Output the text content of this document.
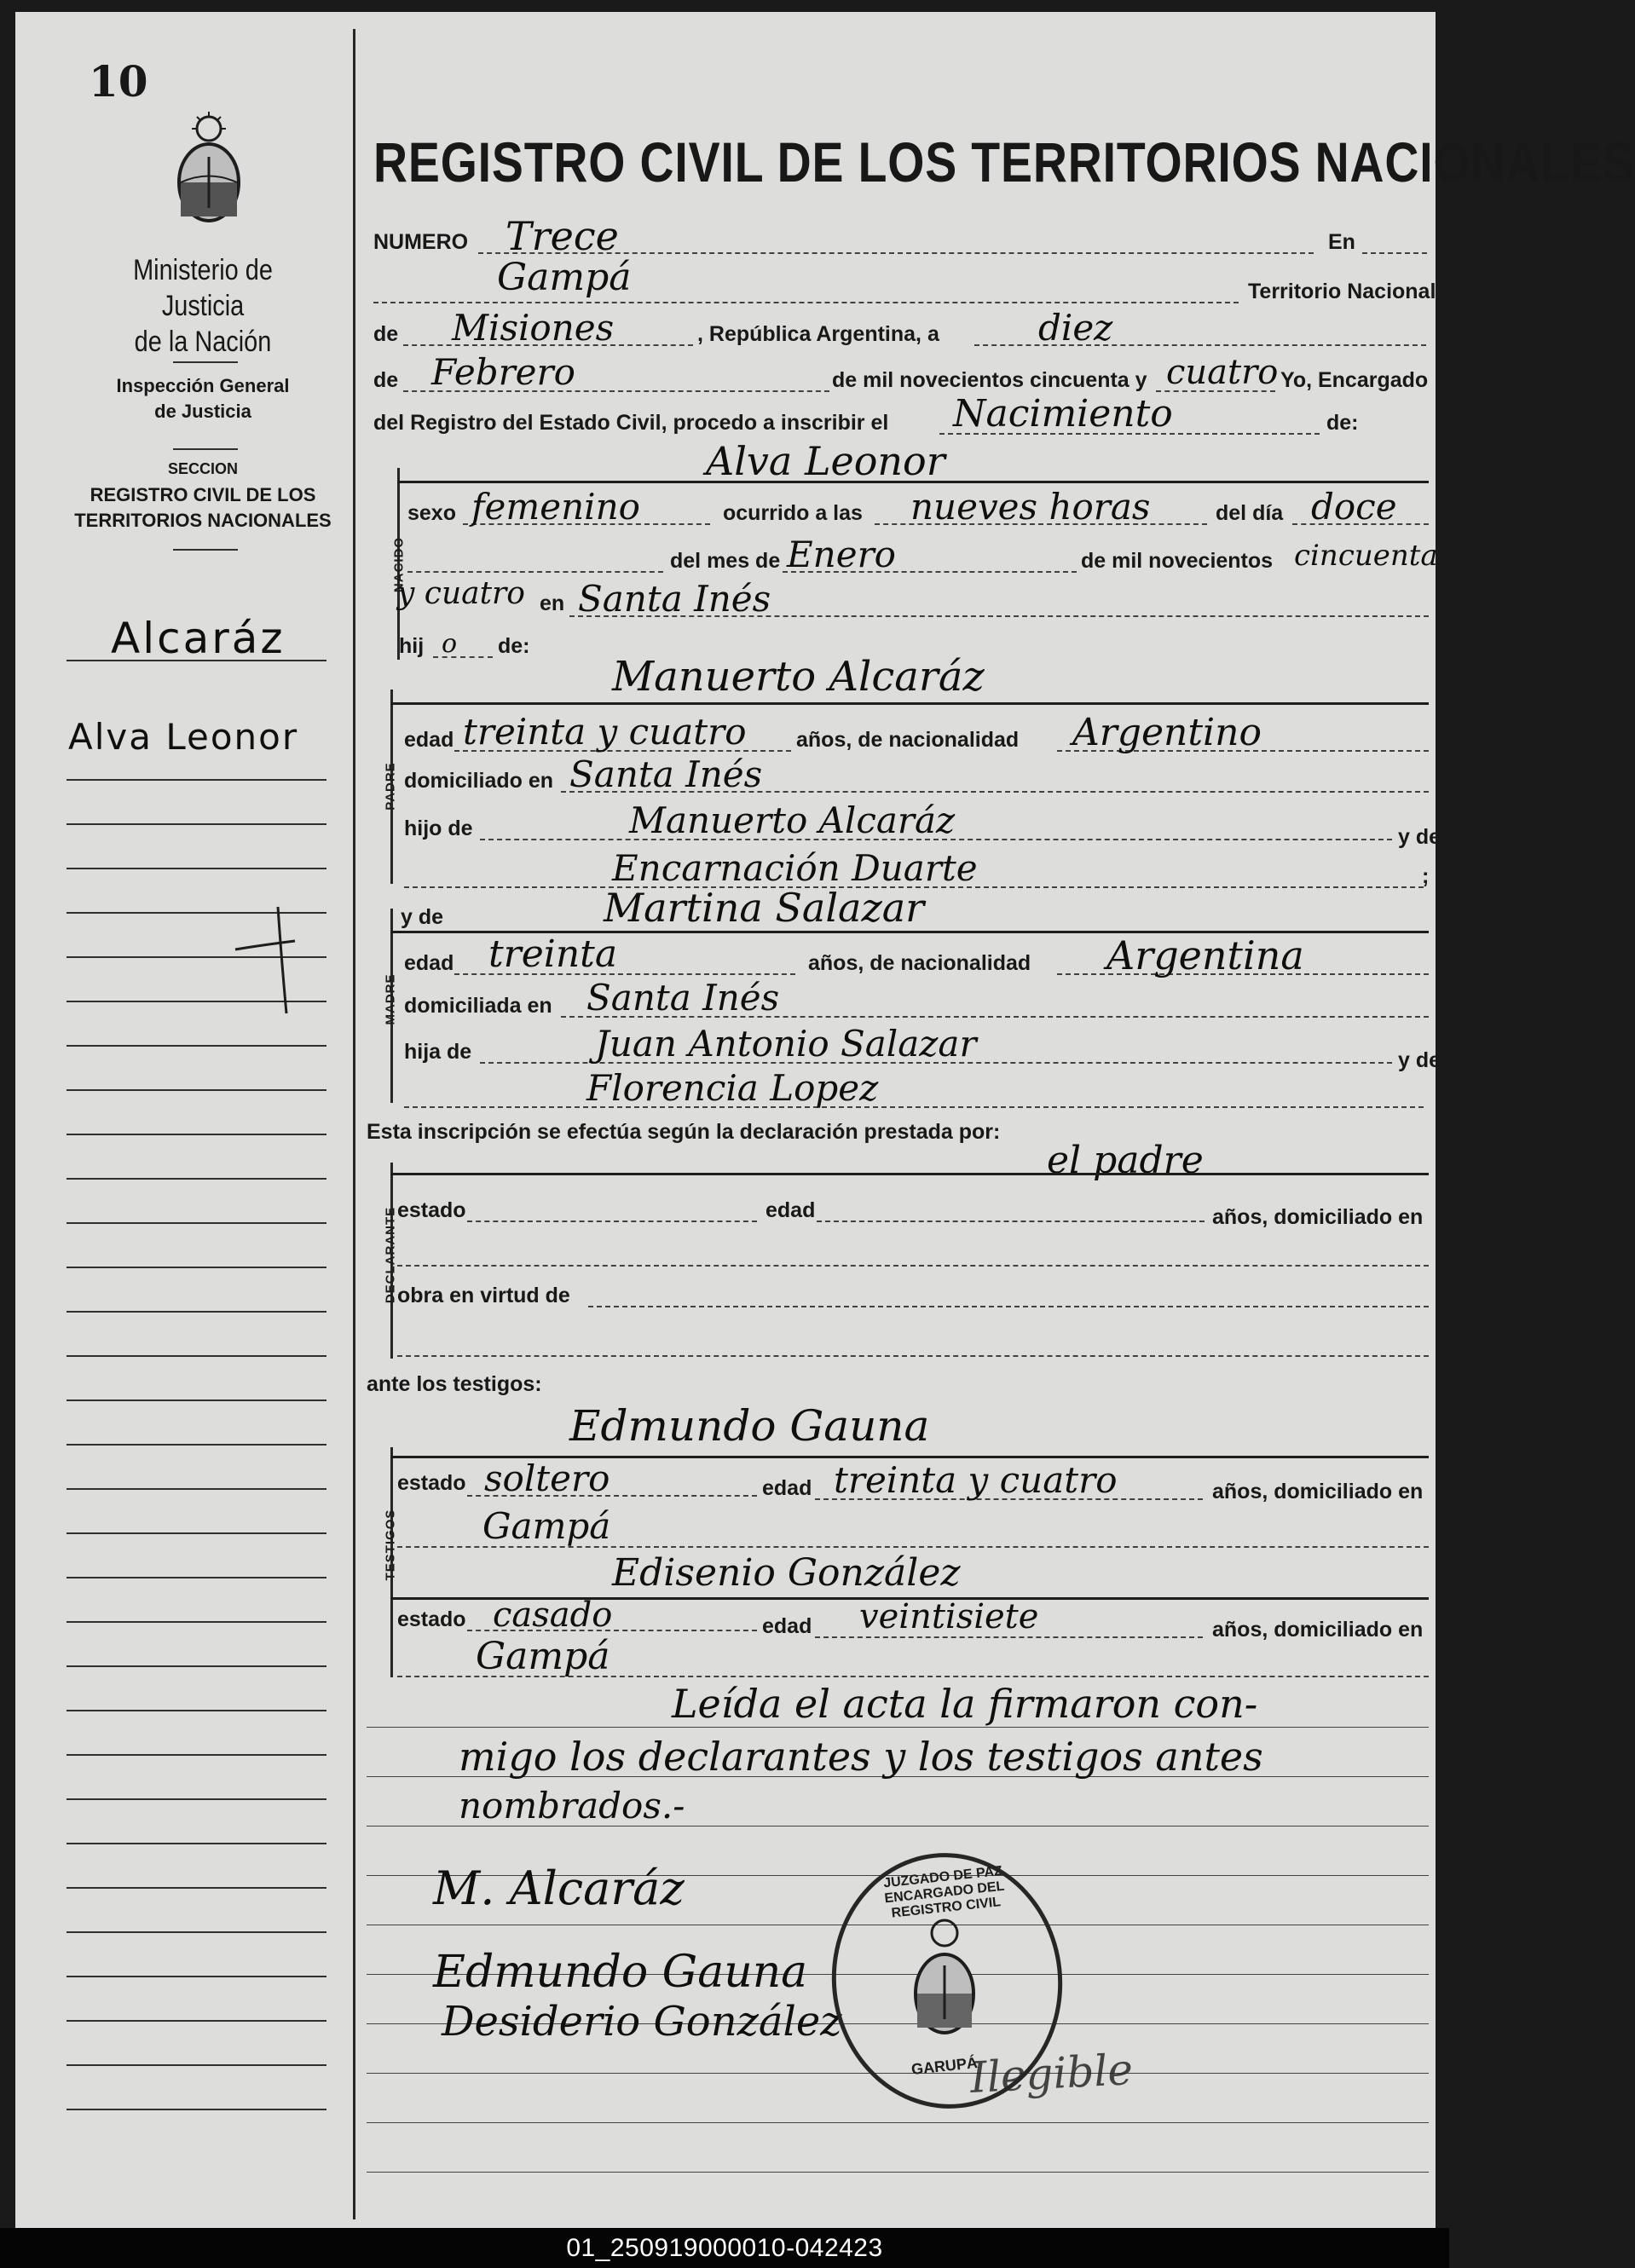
10
Ministerio de Justicia
de la Nación
Inspección General
de Justicia
SECCION
REGISTRO CIVIL DE LOS
TERRITORIOS NACIONALES
Alcaráz
Alva Leonor
REGISTRO CIVIL DE LOS TERRITORIOS NACIONALES
NUMERO Trece	En
Gampá	Territorio Nacional
de Misiones	, República Argentina, a	diez
de Febrero	de mil novecientos cincuenta y cuatro Yo, Encargado
del Registro del Estado Civil, procedo a inscribir el Nacimiento	de:
NACIDO
Alva Leonor
sexo femenino	ocurrido a las nueves horas	del día doce
del mes de Enero	de mil novecientos cincuenta
y cuatro en Santa Inés
hij o de:
PADRE
Manuerto Alcaráz
edad treinta y cuatro años, de nacionalidad Argentino
domiciliado en Santa Inés
hijo de	Manuerto Alcaráz	y de
Encarnación Duarte	;
MADRE
y de	Martina Salazar
edad treinta	años, de nacionalidad Argentina
domiciliada en Santa Inés
hija de	Juan Antonio Salazar	y de
Florencia Lopez
Esta inscripción se efectúa según la declaración prestada por:
el padre
DECLARANTE estado	edad	años, domiciliado en
obra en virtud de
ante los testigos:
TESTIGOS
Edmundo Gauna
estado soltero	edad treinta y cuatro	años, domiciliado en
Gampá
Edisenio González
estado casado	edad veintisiete	años, domiciliado en
Gampá
Leída el acta la firmaron con-
migo los declarantes y los testigos antes
nombrados.-
M. Alcaráz
Edmundo Gauna
Desiderio González
Ilegible
JUZGADO DE PAZ ENCARGADO DEL REGISTRO CIVIL
GARUPÁ
01_250919000010-042423
